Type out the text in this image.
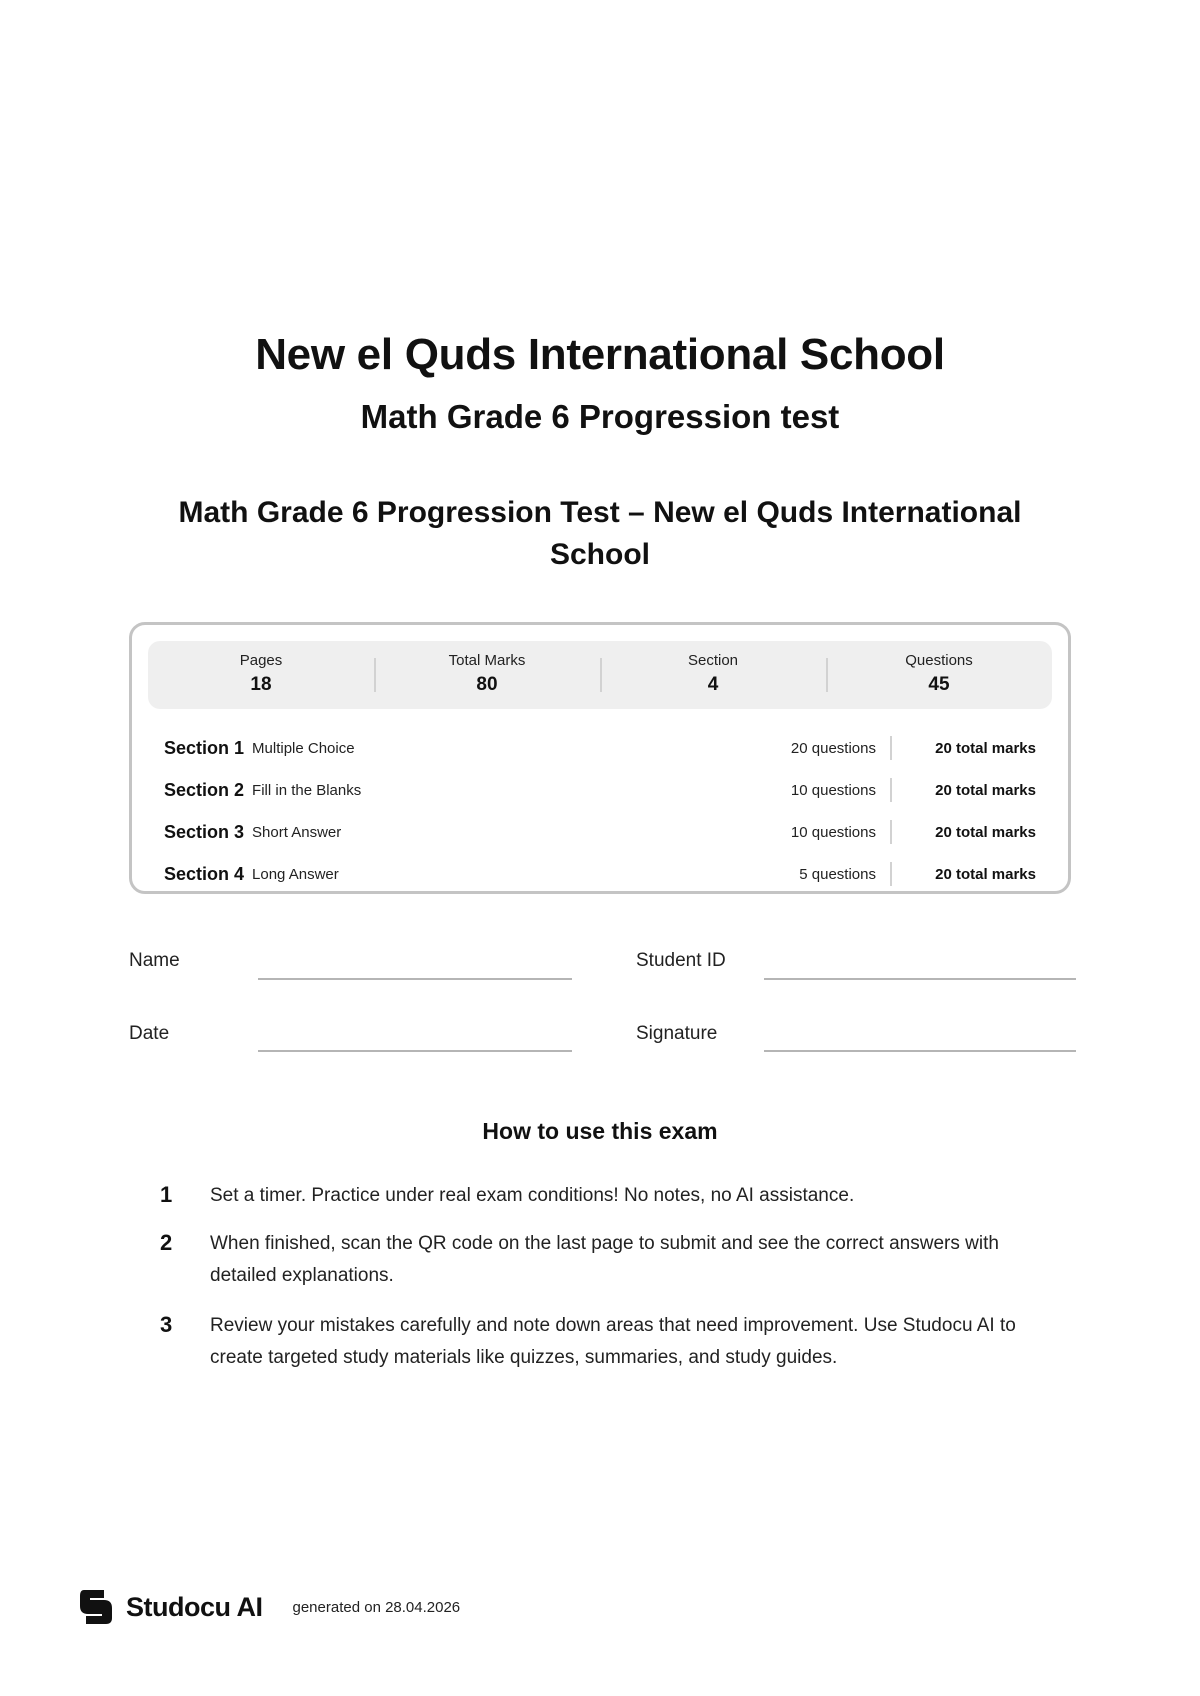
New el Quds International School
Math Grade 6 Progression test
Math Grade 6 Progression Test – New el Quds International School
Pages
18
Total Marks
80
Section
4
Questions
45
Section 1 Multiple Choice	20 questions	20 total marks
Section 2 Fill in the Blanks	10 questions	20 total marks
Section 3 Short Answer	10 questions	20 total marks
Section 4 Long Answer	5 questions	20 total marks
Name	Student ID
Date	Signature
How to use this exam
1	Set a timer. Practice under real exam conditions! No notes, no AI assistance.
2	When finished, scan the QR code on the last page to submit and see the correct answers with detailed explanations.
3	Review your mistakes carefully and note down areas that need improvement. Use Studocu AI to create targeted study materials like quizzes, summaries, and study guides.
Studocu AI generated on 28.04.2026
